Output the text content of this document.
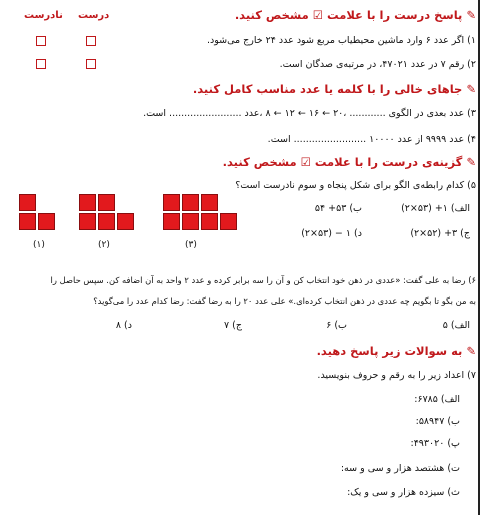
درست
نادرست	✎ پاسخ درست را با علامت ☑ مشخص کنید.
۱) اگر عدد ۶ وارد ماشین محیطیاب مربع شود عدد ۲۴ خارج می‌شود.
۲) رقم ۷ در عدد ۴۷۰۲۱، در مرتبه‌ی صدگان است.
✎ جاهای خالی را با کلمه یا عدد مناسب کامل کنید.
۳) عدد بعدی در الگوی ............ ،۲۰ ← ۱۶ ← ۱۲ ← ۸ ،عدد ........................ است.
۴) عدد ۹۹۹۹ از عدد ۱۰۰۰۰ ........................ است.
✎ گزینه‌ی درست را با علامت ☑ مشخص کنید.
۵) کدام رابطه‌ی الگو برای شکل پنجاه و سوم نادرست است؟
الف) ۱+ (۵۳×۲)
ب) ۵۳+ ۵۴
ج) ۳+ (۵۲×۲)
د) ۱ − (۵۳×۲)
(۱)	(۲)	(۳)
۶) رضا به علی گفت: «عددی در ذهن خود انتخاب کن و آن را سه برابر کرده و عدد ۲ واحد به آن اضافه کن. سپس حاصل را
به من بگو تا بگویم چه عددی در ذهن انتخاب کرده‌ای.» علی عدد ۲۰ را به رضا گفت: رضا کدام عدد را می‌گوید؟
الف) ۵
ب) ۶
ج) ۷
د) ۸
✎ به سوالات زیر پاسخ دهید.
۷) اعداد زیر را به رقم و حروف بنویسید.
الف) ۶۷۸۵:
ب) ۵۸۹۴۷:
پ) ۴۹۳۰۲۰:
ت) هشتصد هزار و سی و سه:
ث) سیزده هزار و سی و یک:
